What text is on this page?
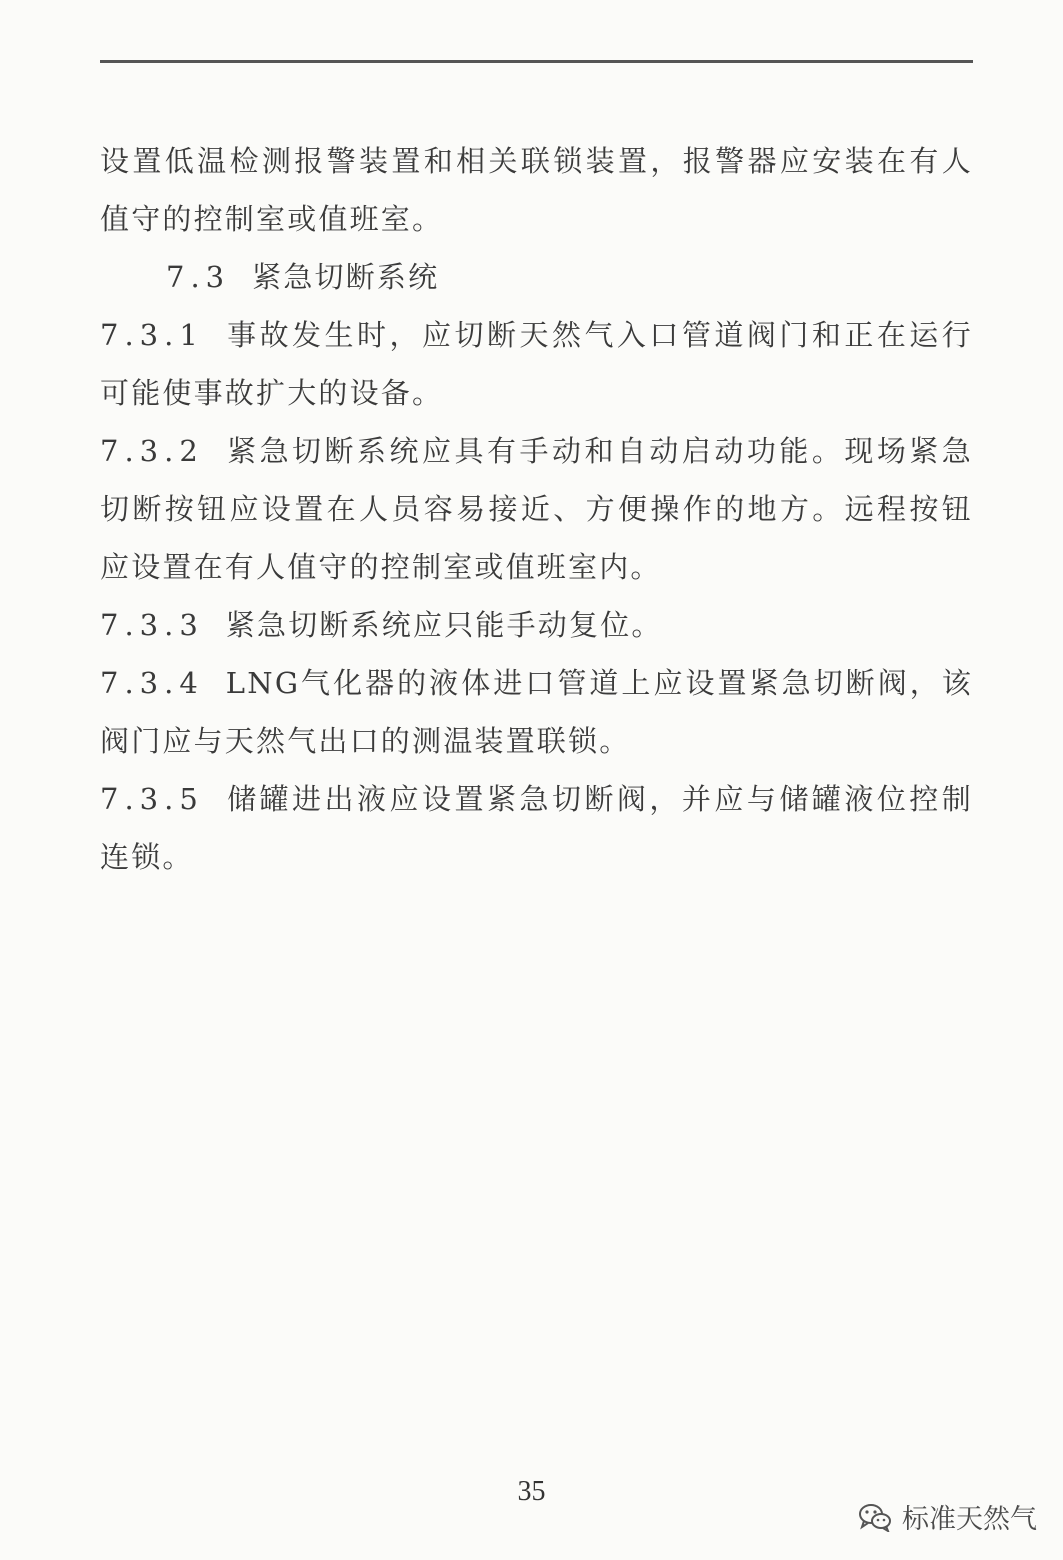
设置低温检测报警装置和相关联锁装置，报警器应安装在有人值守的控制室或值班室。

7.3 紧急切断系统

7.3.1 事故发生时，应切断天然气入口管道阀门和正在运行可能使事故扩大的设备。

7.3.2 紧急切断系统应具有手动和自动启动功能。现场紧急切断按钮应设置在人员容易接近、方便操作的地方。远程按钮应设置在有人值守的控制室或值班室内。

7.3.3 紧急切断系统应只能手动复位。

7.3.4 LNG气化器的液体进口管道上应设置紧急切断阀，该阀门应与天然气出口的测温装置联锁。

7.3.5 储罐进出液应设置紧急切断阀，并应与储罐液位控制连锁。

35
标准天然气
